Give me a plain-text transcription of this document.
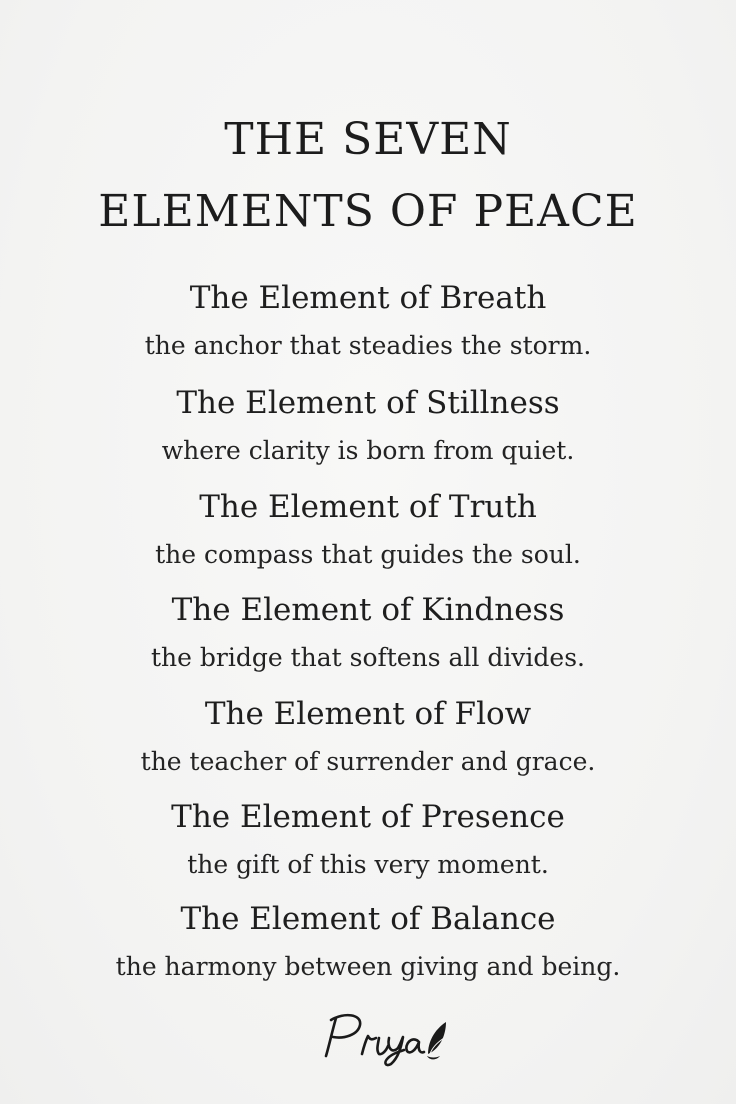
THE SEVEN
ELEMENTS OF PEACE
The Element of Breath
the anchor that steadies the storm.
The Element of Stillness
where clarity is born from quiet.
The Element of Truth
the compass that guides the soul.
The Element of Kindness
the bridge that softens all divides.
The Element of Flow
the teacher of surrender and grace.
The Element of Presence
the gift of this very moment.
The Element of Balance
the harmony between giving and being.
